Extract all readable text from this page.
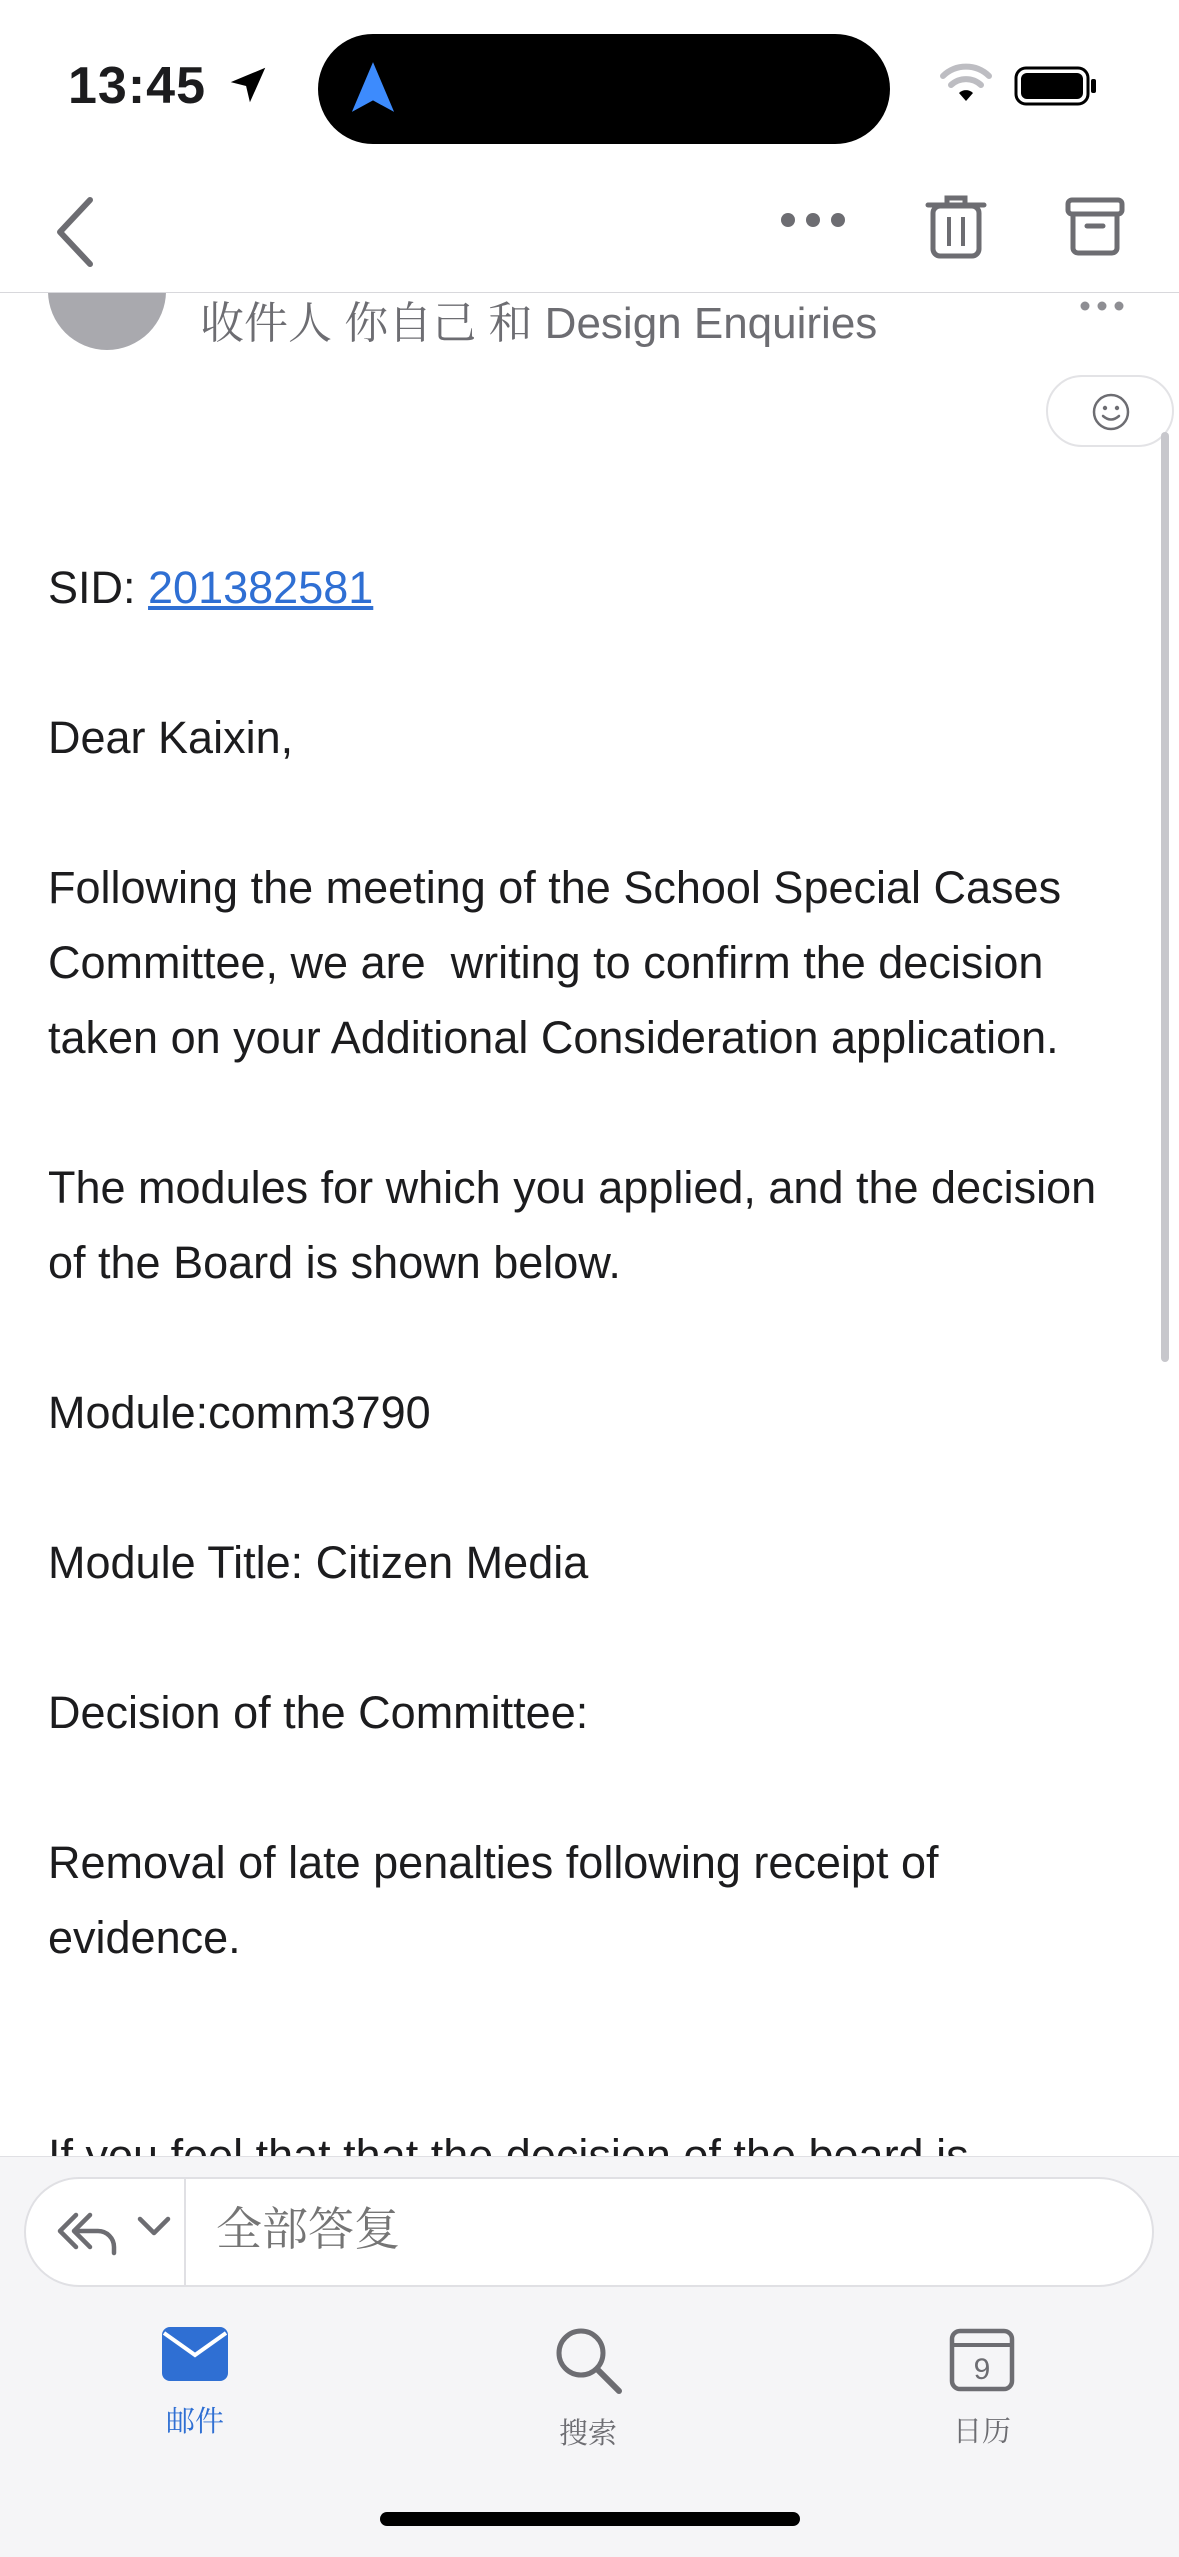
13:45
收件人 你自己 和 Design Enquiries

SID: 201382581

Dear Kaixin,

Following the meeting of the School Special Cases Committee, we are  writing to confirm the decision taken on your Additional Consideration application.

The modules for which you applied, and the decision of the Board is shown below.

Module:comm3790

Module Title: Citizen Media

Decision of the Committee:

Removal of late penalties following receipt of evidence.

全部答复
邮件	搜索
9
日历
